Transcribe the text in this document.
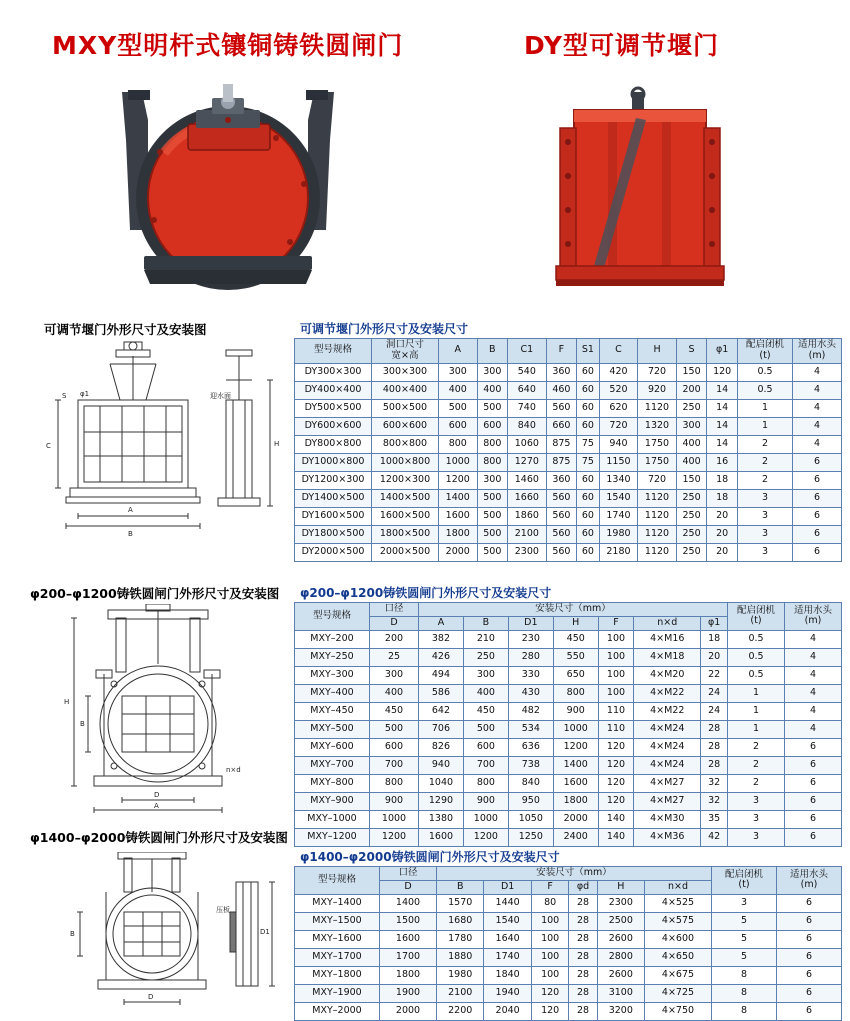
MXY型明杆式镶铜铸铁圆闸门	DY型可调节堰门
可调节堰门外形尺寸及安装图	可调节堰门外形尺寸及安装尺寸
A
B
C	H
迎水面
S φ1
型号规格	洞口尺寸
宽×高	A	B	C1	F	S1	C	H	S	φ1	配启闭机
(t)

适用水头
(m)

DY300×300	300×300	300	300	540	360	60	420	720	150	120	0.5	4
DY400×400	400×400	400	400	640	460	60	520	920	200	14	0.5	4
DY500×500	500×500	500	500	740	560	60	620	1120	250	14	1	4
DY600×600	600×600	600	600	840	660	60	720	1320	300	14	1	4
DY800×800	800×800	800	800	1060	875	75	940	1750	400	14	2	4
DY1000×800	1000×800	1000	800	1270	875	75	1150	1750	400	16	2	6
DY1200×300	1200×300	1200	300	1460	360	60	1340	720	150	18	2	6
DY1400×500	1400×500	1400	500	1660	560	60	1540	1120	250	18	3	6
DY1600×500	1600×500	1600	500	1860	560	60	1740	1120	250	20	3	6
DY1800×500	1800×500	1800	500	2100	560	60	1980	1120	250	20	3	6
DY2000×500	2000×500	2000	500	2300	560	60	2180	1120	250	20	3	6
φ200–φ1200铸铁圆闸门外形尺寸及安装图 φ200–φ1200铸铁圆闸门外形尺寸及安装尺寸
H
B
D
n×d
A
型号规格	口径	安装尺寸（mm）	配启闭机
(t)

适用水头
(m)

	D	A	B	D1	H	F	n×d	φ1		
MXY–200	200	382	210	230	450	100	4×M16	18	0.5	4
MXY–250	25	426	250	280	550	100	4×M18	20	0.5	4
MXY–300	300	494	300	330	650	100	4×M20	22	0.5	4
MXY–400	400	586	400	430	800	100	4×M22	24	1	4
MXY–450	450	642	450	482	900	110	4×M22	24	1	4
MXY–500	500	706	500	534	1000	110	4×M24	28	1	4
MXY–600	600	826	600	636	1200	120	4×M24	28	2	6
MXY–700	700	940	700	738	1400	120	4×M24	28	2	6
MXY–800	800	1040	800	840	1600	120	4×M27	32	2	6
MXY–900	900	1290	900	950	1800	120	4×M27	32	3	6
MXY–1000	1000	1380	1000	1050	2000	140	4×M30	35	3	6
MXY–1200	1200	1600	1200	1250	2400	140	4×M36	42	3	6
φ1400–φ2000铸铁圆闸门外形尺寸及安装图
φ1400–φ2000铸铁圆闸门外形尺寸及安装尺寸
B
D
D1
压板
型号规格	口径	安装尺寸（mm）	配启闭机
(t)

适用水头
(m)

	D	B	D1	F	φd	H	n×d		
MXY–1400	1400	1570	1440	80	28	2300	4×525	3	6
MXY–1500	1500	1680	1540	100	28	2500	4×575	5	6
MXY–1600	1600	1780	1640	100	28	2600	4×600	5	6
MXY–1700	1700	1880	1740	100	28	2800	4×650	5	6
MXY–1800	1800	1980	1840	100	28	2600	4×675	8	6
MXY–1900	1900	2100	1940	120	28	3100	4×725	8	6
MXY–2000	2000	2200	2040	120	28	3200	4×750	8	6
